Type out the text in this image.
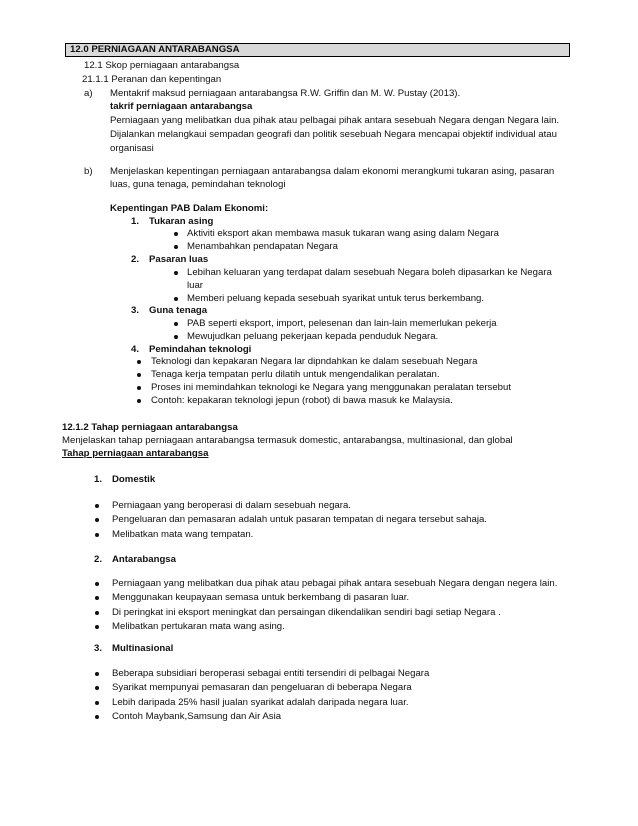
12.0 PERNIAGAAN ANTARABANGSA
12.1 Skop perniagaan antarabangsa
21.1.1 Peranan dan kepentingan
a) Mentakrif maksud perniagaan antarabangsa R.W. Griffin dan M. W. Pustay (2013).
takrif perniagaan antarabangsa
Perniagaan yang melibatkan dua pihak atau pelbagai pihak antara sesebuah Negara dengan Negara lain.
Dijalankan melangkaui sempadan geografi dan politik sesebuah Negara mencapai objektif individual atau
organisasi
b) Menjelaskan kepentingan perniagaan antarabangsa dalam ekonomi merangkumi tukaran asing, pasaran
luas, guna tenaga, pemindahan teknologi
Kepentingan PAB Dalam Ekonomi:
1. Tukaran asing
Aktiviti eksport akan membawa masuk tukaran wang asing dalam Negara
Menambahkan pendapatan Negara
2. Pasaran luas
Lebihan keluaran yang terdapat dalam sesebuah Negara boleh dipasarkan ke Negara
luar
Memberi peluang kepada sesebuah syarikat untuk terus berkembang.
3. Guna tenaga
PAB seperti eksport, import, pelesenan dan lain-lain memerlukan pekerja
Mewujudkan peluang pekerjaan kepada penduduk Negara.
4. Pemindahan teknologi
Teknologi dan kepakaran Negara lar dipndahkan ke dalam sesebuah Negara
Tenaga kerja tempatan perlu dilatih untuk mengendalikan peralatan.
Proses ini memindahkan teknologi ke Negara yang menggunakan peralatan tersebut
Contoh: kepakaran teknologi jepun (robot) di bawa masuk ke Malaysia.
12.1.2 Tahap perniagaan antarabangsa
Menjelaskan tahap perniagaan antarabangsa termasuk domestic, antarabangsa, multinasional, dan global
Tahap perniagaan antarabangsa
1. Domestik
Perniagaan yang beroperasi di dalam sesebuah negara.
Pengeluaran dan pemasaran adalah untuk pasaran tempatan di negara tersebut sahaja.
Melibatkan mata wang tempatan.
2. Antarabangsa
Perniagaan yang melibatkan dua pihak atau pebagai pihak antara sesebuah Negara dengan negera lain.
Menggunakan keupayaan semasa untuk berkembang di pasaran luar.
Di peringkat ini eksport meningkat dan persaingan dikendalikan sendiri bagi setiap Negara .
Melibatkan pertukaran mata wang asing.
3. Multinasional
Beberapa subsidiari beroperasi sebagai entiti tersendiri di pelbagai Negara
Syarikat mempunyai pemasaran dan pengeluaran di beberapa Negara
Lebih daripada 25% hasil jualan syarikat adalah daripada negara luar.
Contoh Maybank,Samsung dan Air Asia
